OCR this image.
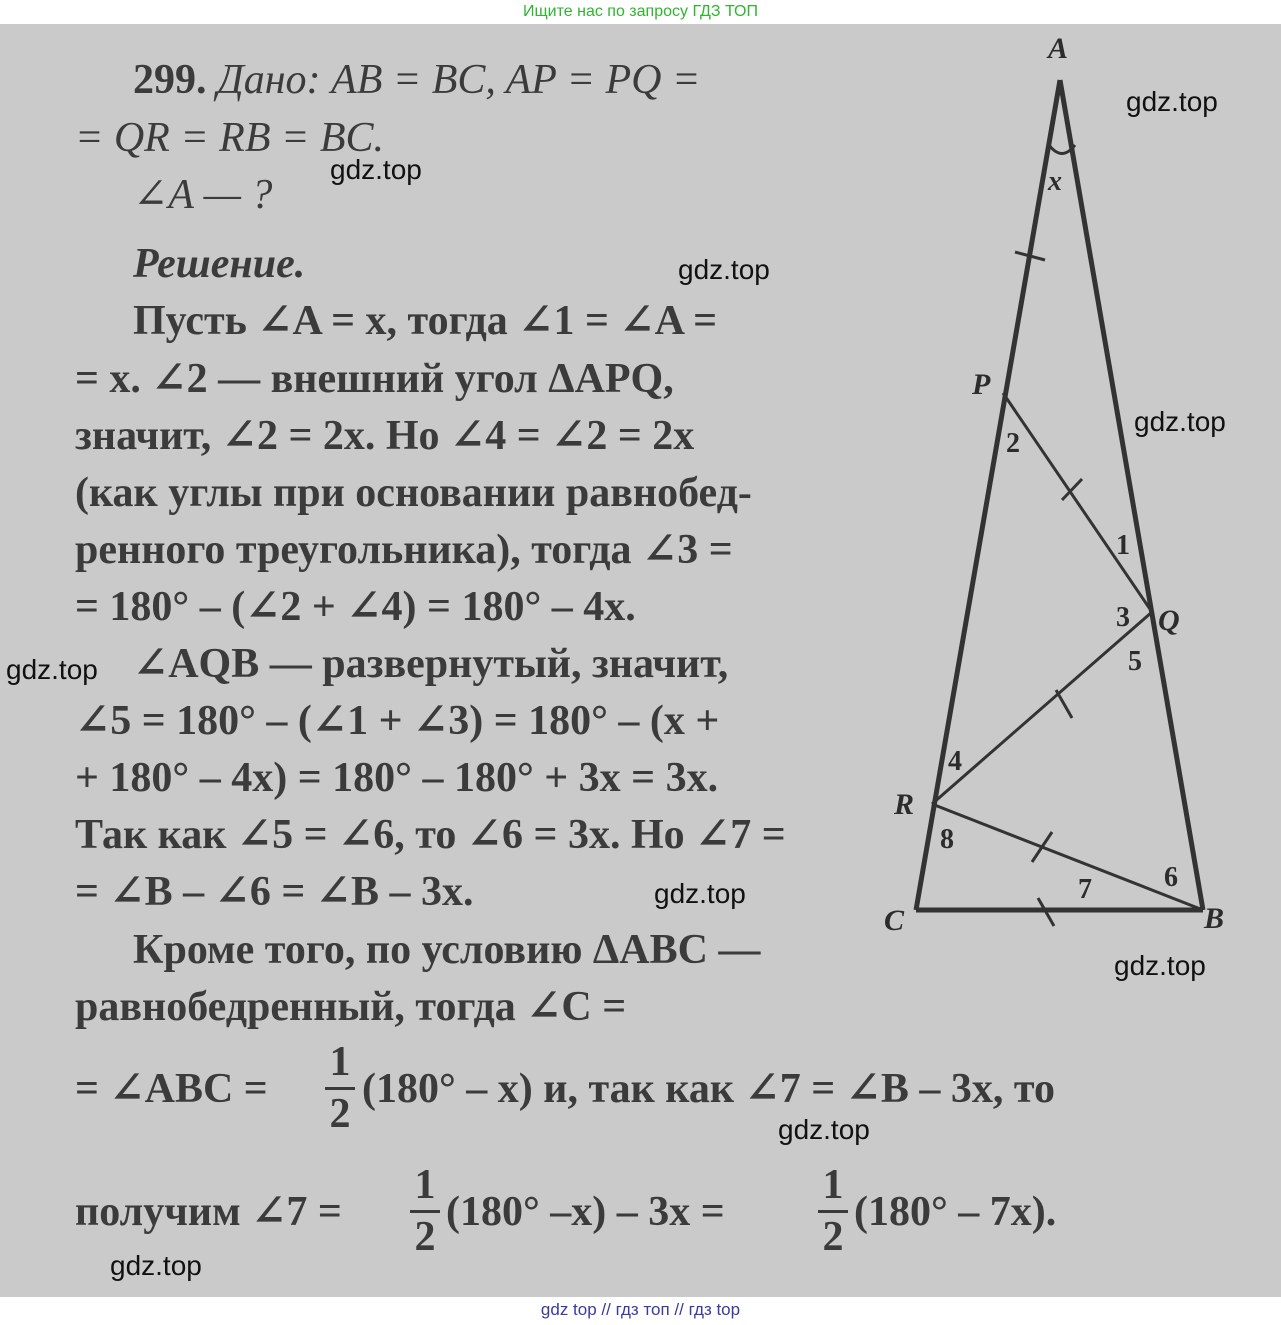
Ищите нас по запросу ГДЗ ТОП
299. Дано: AB = BC, AP = PQ =
= QR = RB = BC.
∠A — ?
Решение.
Пусть ∠A = x, тогда ∠1 = ∠A =
= x. ∠2 — внешний угол ΔAPQ,
значит, ∠2 = 2x. Но ∠4 = ∠2 = 2x
(как углы при основании равнобед-
ренного треугольника), тогда ∠3 =
= 180° – (∠2 + ∠4) = 180° – 4x.
∠AQB — развернутый, значит,
∠5 = 180° – (∠1 + ∠3) = 180° – (x +
+ 180° – 4x) = 180° – 180° + 3x = 3x.
Так как ∠5 = ∠6, то ∠6 = 3x. Но ∠7 =
= ∠B – ∠6 = ∠B – 3x.
Кроме того, по условию ΔABC —
равнобедренный, тогда ∠C =
= ∠ABC =
1
2
(180° – x) и, так как ∠7 = ∠B – 3x, то
получим ∠7 =
1
2
(180° –x) – 3x =
1
2
(180° – 7x).
A
P
Q
R
C	B
x
1
2
3
4
5
6
7
8
gdz.top
gdz.top
gdz.top
gdz.top
gdz.top
gdz.top
gdz.top
gdz.top
gdz.top
gdz top // гдз топ // гдз top
